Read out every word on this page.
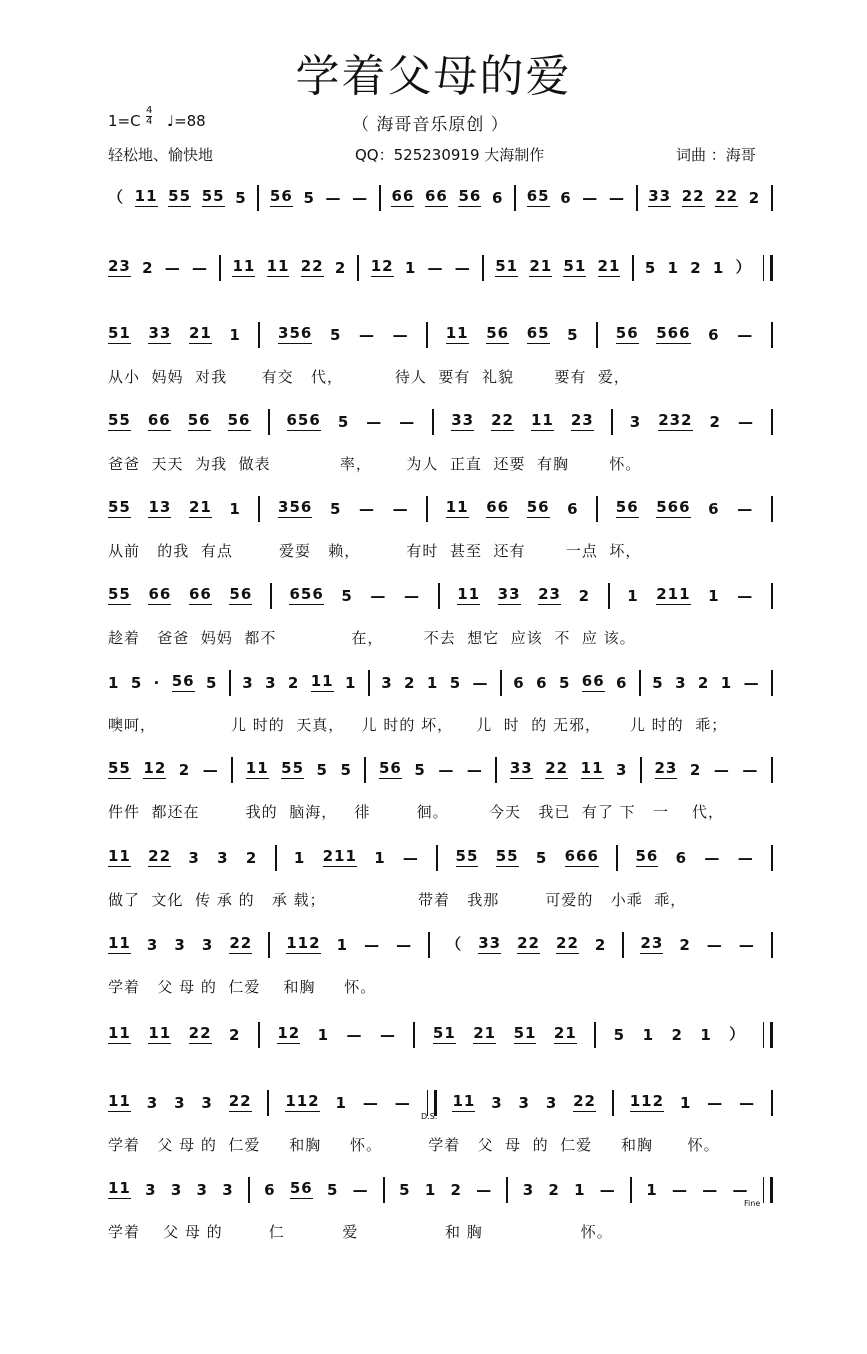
学着父母的爱
1=C
4
4 ♩=88	（ 海哥音乐原创 ）
轻松地、愉快地	QQ：525230919 大海制作	词曲 ：海哥
（ 11 55 55 5 56 5 — — 66 66 56 6 65 6 — — 33 22 22 2
23 2 — — 11 11 22 2 12 1 — — 51 21 51 21 5 1 2 1 ）
51 33 21 1 356 5 — — 11 56 65 5 56 566 6 —
从小  妈妈  对我      有交   代，         待人  要有  礼貌       要有  爱，
55 66 56 56 656 5 — — 33 22 11 23 3 232 2 —
爸爸  天天  为我  做表            率，      为人  正直  还要  有胸       怀。
55 13 21 1 356 5 — — 11 66 56 6 56 566 6 —
从前   的我  有点        爱耍   赖，        有时  甚至  还有       一点  坏，
55 66 66 56 656 5 — — 11 33 23 2 1 211 1 —
趁着   爸爸  妈妈  都不             在，       不去  想它  应该  不  应 该。
1 5 · 56 5 3 3 2 11 1 3 2 1 5 — 6 6 5 66 6 5 3 2 1 —
噢呵，             儿 时的  天真，   儿 时的 坏，    儿  时  的 无邪，     儿 时的  乖；
55 12 2 — 11 55 5 5 56 5 — — 33 22 11 3 23 2 — —
件件  都还在        我的  脑海，   徘        徊。       今天   我已  有了 下   一    代，
11 22 3 3 2 1 211 1 — 55 55 5 666 56 6 — —
做了  文化  传 承 的   承 载；                带着   我那        可爱的   小乖  乖，
11 3 3 3 22 112 1 — — （ 33 22 22 2 23 2 — —
学着   父 母 的  仁爱    和胸     怀。
11 11 22 2 12 1 — — 51 21 51 21 5 1 2 1 ）
11 3 3 3 22 112 1 — —	11 3 3 3 22 112 1 — —
学着   父 母 的  仁爱     和胸     怀。        学着   父  母  的  仁爱     和胸      怀。
11 3 3 3 3 6 56 5 — 5 1 2 — 3 2 1 — 1 — — —
学着    父 母 的        仁          爱               和 胸                 怀。
D.S.
Fine
